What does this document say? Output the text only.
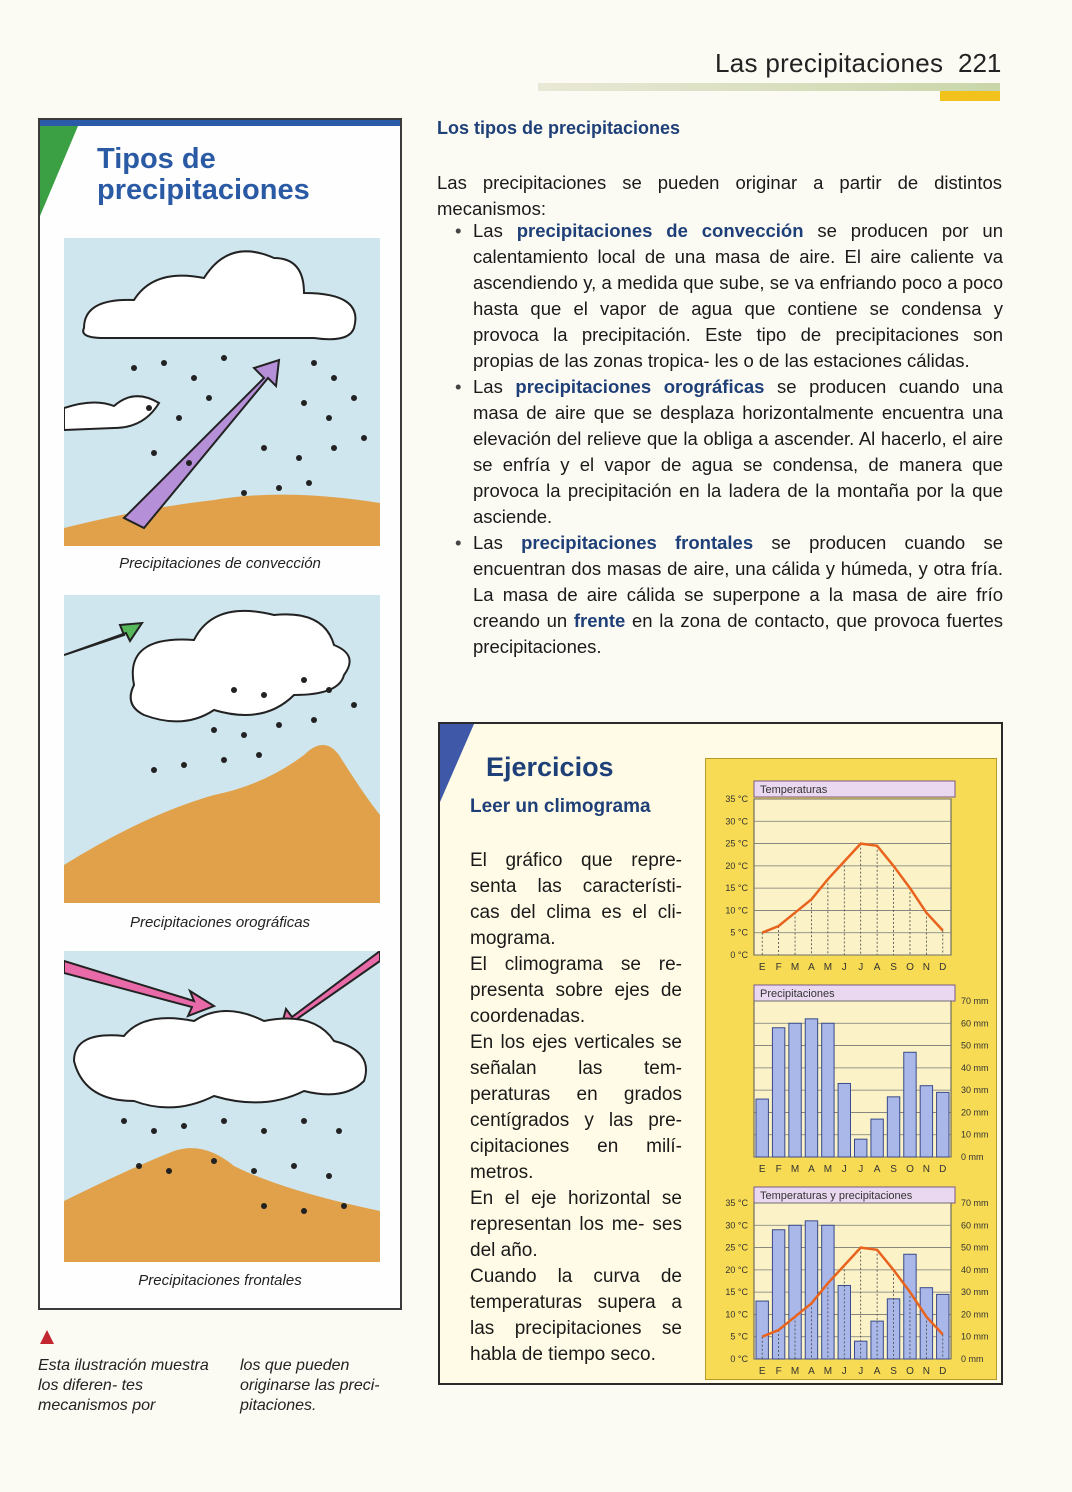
Las precipitaciones 221
Tipos de precipitaciones
Precipitaciones de convección
Precipitaciones orográficas
Precipitaciones frontales
Esta ilustración muestra los diferen- tes mecanismos por
los que pueden originarse las preci- pitaciones.
Los tipos de precipitaciones
Las precipitaciones se pueden originar a partir de distintos mecanismos:
• Las precipitaciones de convección se producen por un calentamiento local de una masa de aire. El aire caliente va ascendiendo y, a medida que sube, se va enfriando poco a poco hasta que el vapor de agua que contiene se condensa y provoca la precipitación. Este tipo de precipitaciones son propias de las zonas tropica- les o de las estaciones cálidas.
• Las precipitaciones orográficas se producen cuando una masa de aire que se desplaza horizontalmente encuentra una elevación del relieve que la obliga a ascender. Al hacerlo, el aire se enfría y el vapor de agua se condensa, de manera que provoca la precipitación en la ladera de la montaña por la que asciende.
• Las precipitaciones frontales se producen cuando se encuentran dos masas de aire, una cálida y húmeda, y otra fría. La masa de aire cálida se superpone a la masa de aire frío creando un frente en la zona de contacto, que provoca fuertes precipitaciones.
Ejercicios
Leer un climograma

El gráfico que repre- senta las característi- cas del clima es el cli- mograma.

El climograma se re- presenta sobre ejes de coordenadas.

En los ejes verticales se señalan las tem- peraturas en grados centígrados y las pre- cipitaciones en milí- metros.

En el eje horizontal se representan los me- ses del año.

Cuando la curva de temperaturas supera a las precipitaciones se habla de tiempo seco.

Temperaturas
0 °C
5 °C
10 °C
15 °C
20 °C
25 °C
30 °C
35 °C
E F M A M J J A S O N D
Precipitaciones
0 mm
10 mm
20 mm
30 mm
40 mm
50 mm
60 mm
70 mm
E F M A M J J A S O N D
Temperaturas y precipitaciones
0 °C	0 mm
5 °C	10 mm
10 °C	20 mm
15 °C	30 mm
20 °C	40 mm
25 °C	50 mm
30 °C	60 mm
35 °C	70 mm
E F M A M J J A S O N D
